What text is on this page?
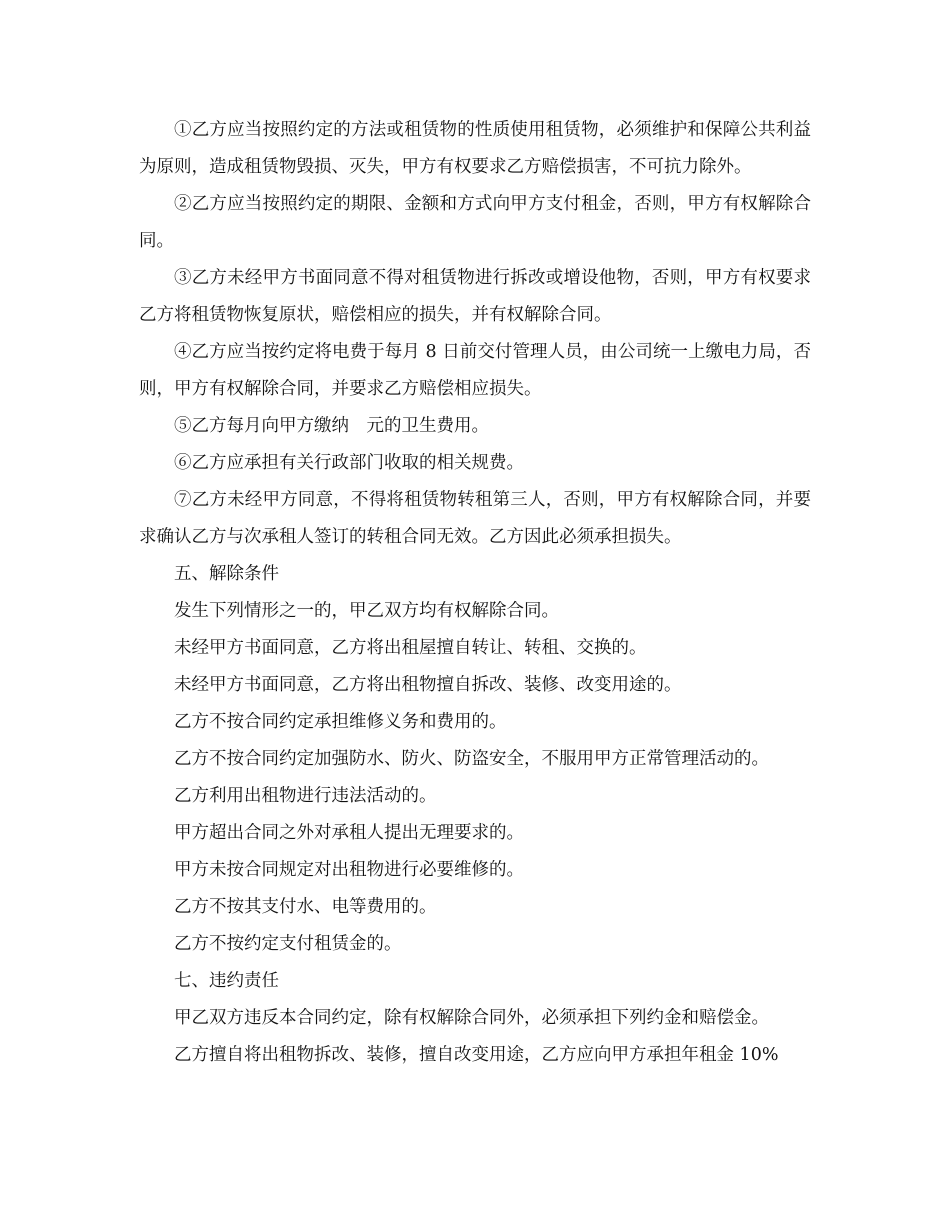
①乙方应当按照约定的方法或租赁物的性质使用租赁物，必须维护和保障公共利益为原则，造成租赁物毁损、灭失，甲方有权要求乙方赔偿损害，不可抗力除外。

②乙方应当按照约定的期限、金额和方式向甲方支付租金，否则，甲方有权解除合同。

③乙方未经甲方书面同意不得对租赁物进行拆改或增设他物，否则，甲方有权要求乙方将租赁物恢复原状，赔偿相应的损失，并有权解除合同。

④乙方应当按约定将电费于每月 8 日前交付管理人员，由公司统一上缴电力局，否则，甲方有权解除合同，并要求乙方赔偿相应损失。

⑤乙方每月向甲方缴纳　元的卫生费用。

⑥乙方应承担有关行政部门收取的相关规费。

⑦乙方未经甲方同意，不得将租赁物转租第三人，否则，甲方有权解除合同，并要求确认乙方与次承租人签订的转租合同无效。乙方因此必须承担损失。

五、解除条件

发生下列情形之一的，甲乙双方均有权解除合同。

未经甲方书面同意，乙方将出租屋擅自转让、转租、交换的。

未经甲方书面同意，乙方将出租物擅自拆改、装修、改变用途的。

乙方不按合同约定承担维修义务和费用的。

乙方不按合同约定加强防水、防火、防盗安全，不服用甲方正常管理活动的。

乙方利用出租物进行违法活动的。

甲方超出合同之外对承租人提出无理要求的。

甲方未按合同规定对出租物进行必要维修的。

乙方不按其支付水、电等费用的。

乙方不按约定支付租赁金的。

七、违约责任

甲乙双方违反本合同约定，除有权解除合同外，必须承担下列约金和赔偿金。

乙方擅自将出租物拆改、装修，擅自改变用途，乙方应向甲方承担年租金 10%
